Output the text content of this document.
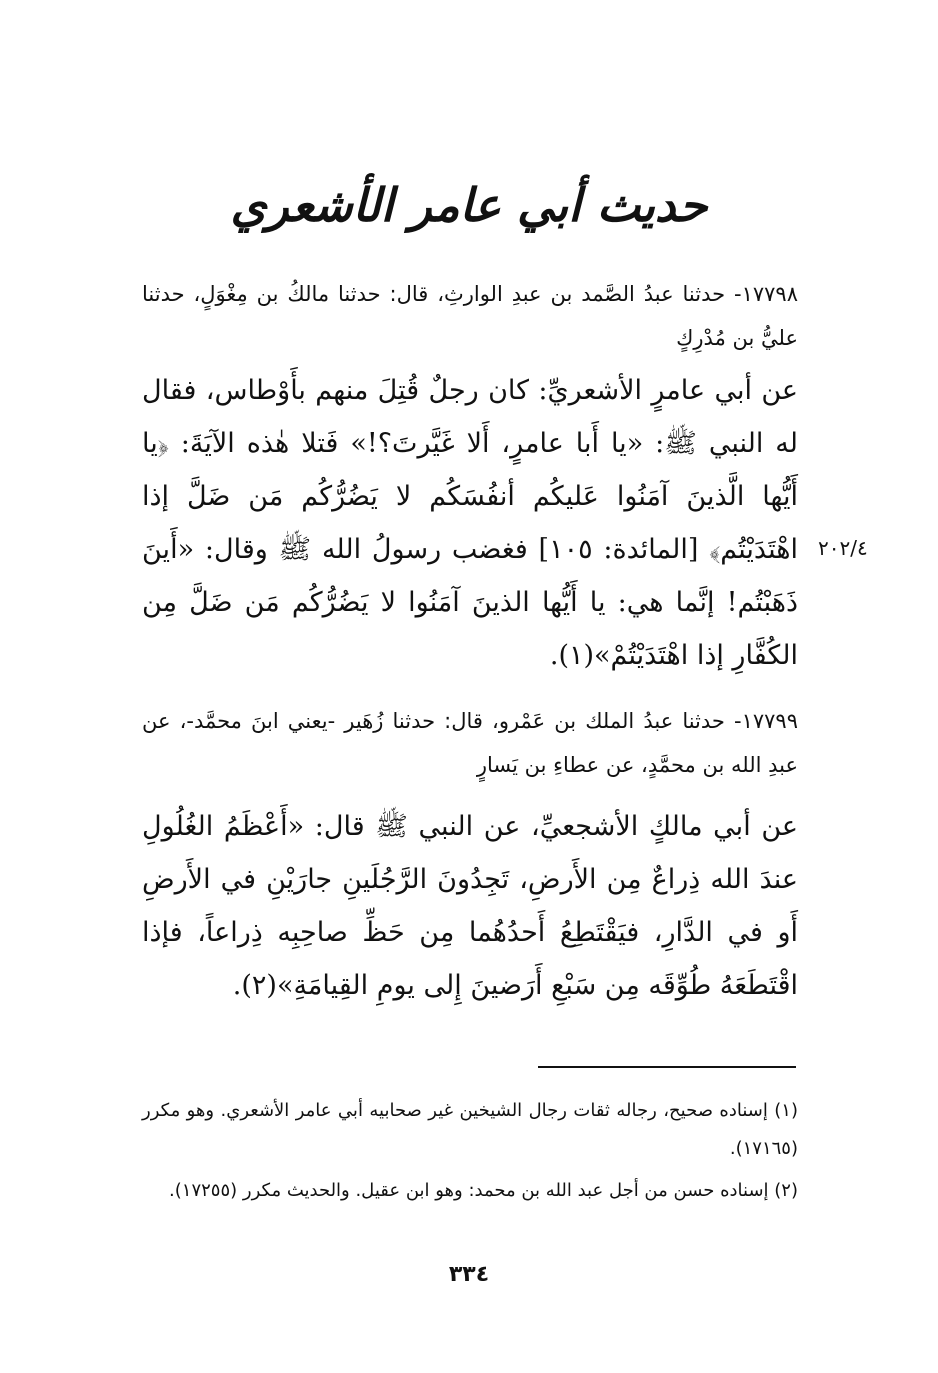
حديث أبي عامر الأشعري
١٧٧٩٨- حدثنا عبدُ الصَّمد بن عبدِ الوارثِ، قال: حدثنا مالكُ بن مِغْوَلٍ، حدثنا عليُّ بن مُدْرِكٍ
عن أبي عامرٍ الأشعريِّ: كان رجلٌ قُتِلَ منهم بأَوْطاس، فقال له النبي ﷺ: «يا أَبا عامرٍ، أَلا غَيَّرتَ؟!» فَتلا هٰذه الآيَةَ: ﴿يا أَيُّها الَّذينَ آمَنُوا عَليكُم أنفُسَكُم لا يَضُرُّكُم مَن ضَلَّ إذا اهْتَدَيْتُم﴾ [المائدة: ١٠٥] فغضب رسولُ الله ﷺ وقال: «أَينَ ذَهَبْتُم! إنَّما هي: يا أَيُّها الذينَ آمَنُوا لا يَضُرُّكُم مَن ضَلَّ مِن الكُفَّارِ إذا اهْتَدَيْتُمْ»(١).
٢٠٢/٤
١٧٧٩٩- حدثنا عبدُ الملك بن عَمْرو، قال: حدثنا زُهَير -يعني ابنَ محمَّد-، عن عبدِ الله بن محمَّدٍ، عن عطاءِ بن يَسارٍ
عن أبي مالكٍ الأشجعيِّ، عن النبي ﷺ قال: «أَعْظَمُ الغُلُولِ عندَ الله ذِراعٌ مِن الأَرضِ، تَجِدُونَ الرَّجُلَينِ جارَيْنِ في الأَرضِ أَو في الدَّارِ، فيَقْتَطِعُ أَحدُهُما مِن حَظِّ صاحِبِه ذِراعاً، فإذا اقْتَطَعَهُ طُوِّقَه مِن سَبْعِ أَرَضينَ إِلى يومِ القِيامَةِ»(٢).
(١) إسناده صحيح، رجاله ثقات رجال الشيخين غير صحابيه أبي عامر الأشعري. وهو مكرر (١٧١٦٥).
(٢) إسناده حسن من أجل عبد الله بن محمد: وهو ابن عقيل. والحديث مكرر (١٧٢٥٥).
٣٣٤
